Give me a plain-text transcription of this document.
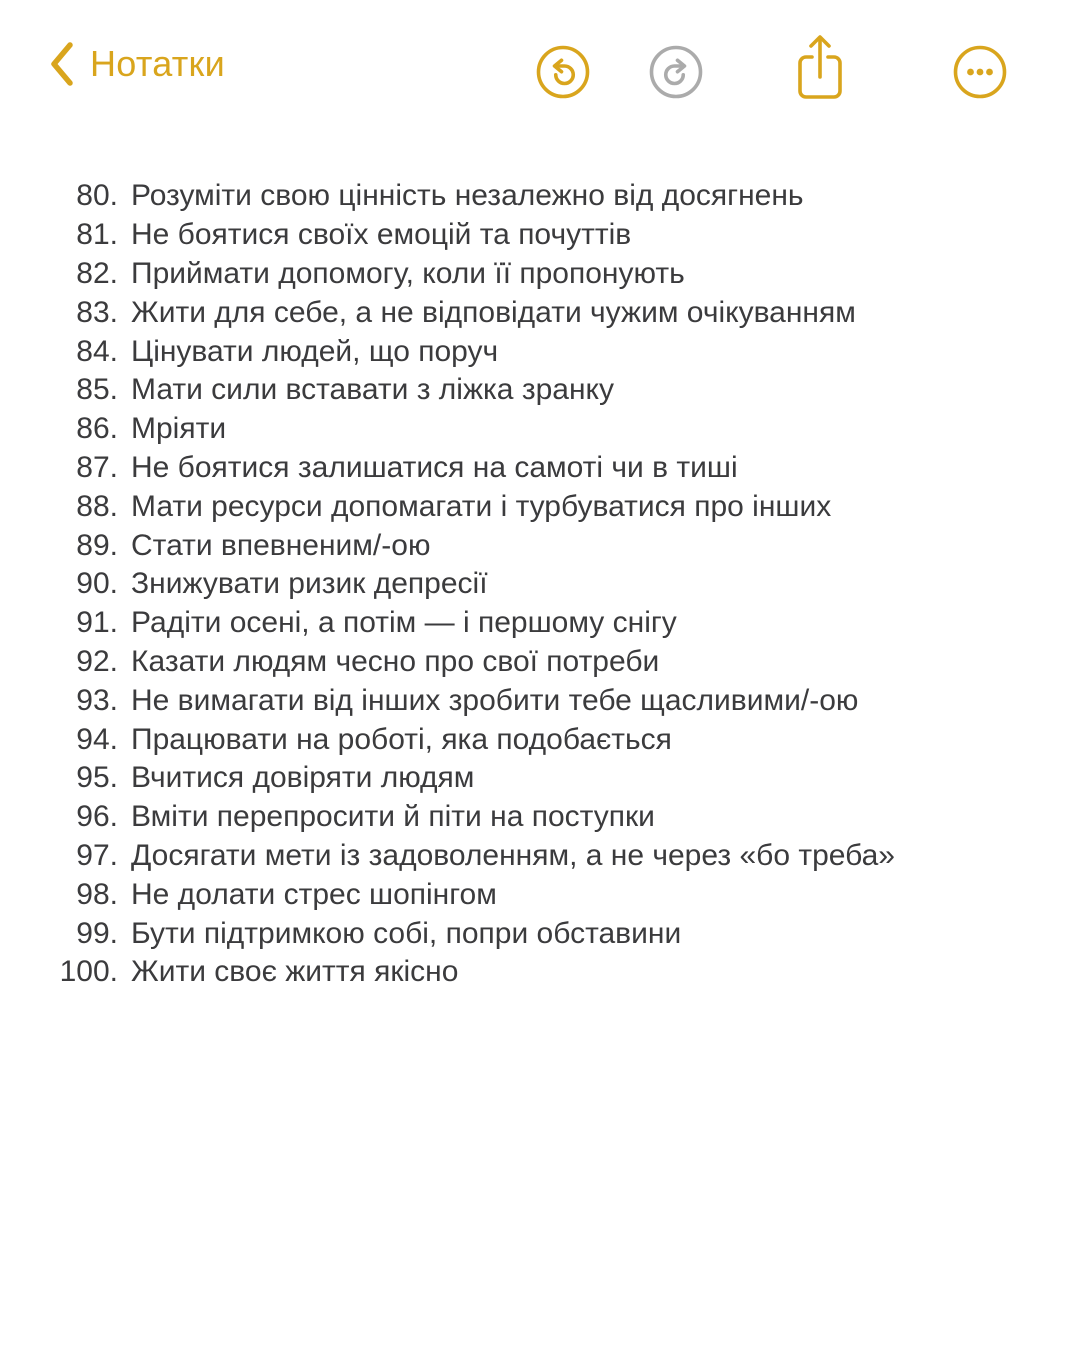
Нотатки
80. Розуміти свою цінність незалежно від досягнень
81. Не боятися своїх емоцій та почуттів
82. Приймати допомогу, коли її пропонують
83. Жити для себе, а не відповідати чужим очікуванням
84. Цінувати людей, що поруч
85. Мати сили вставати з ліжка зранку
86. Мріяти
87. Не боятися залишатися на самоті чи в тиші
88. Мати ресурси допомагати і турбуватися про інших
89. Стати впевненим/-ою
90. Знижувати ризик депресії
91. Радіти осені, а потім — і першому снігу
92. Казати людям чесно про свої потреби
93. Не вимагати від інших зробити тебе щасливими/-ою
94. Працювати на роботі, яка подобається
95. Вчитися довіряти людям
96. Вміти перепросити й піти на поступки
97. Досягати мети із задоволенням, а не через «бо треба»
98. Не долати стрес шопінгом
99. Бути підтримкою собі, попри обставини
100. Жити своє життя якісно
